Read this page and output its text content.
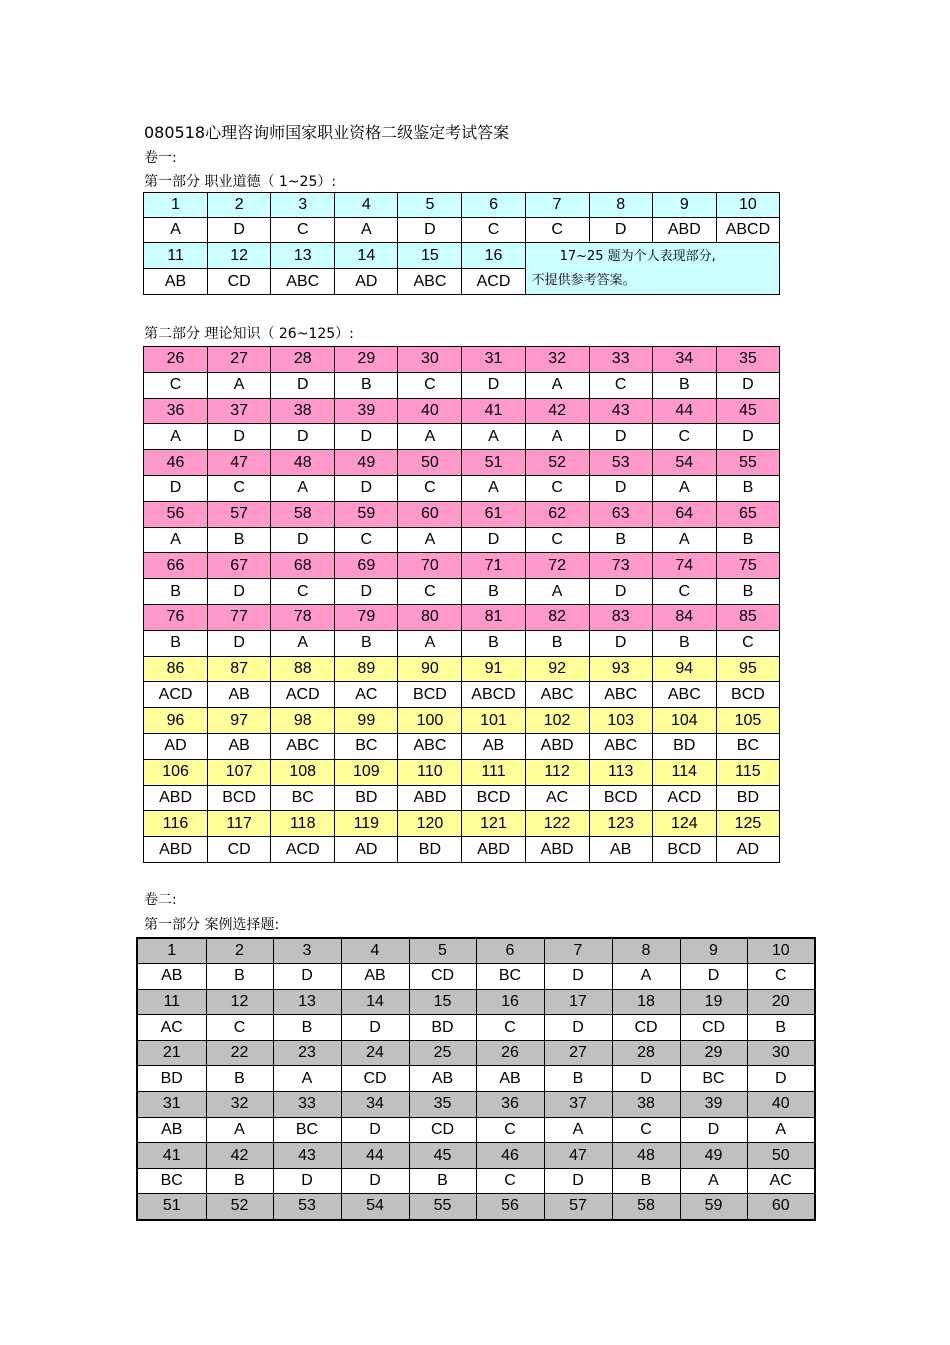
080518心理咨询师国家职业资格二级鉴定考试答案
卷一:
第一部分 职业道德（ 1~25）:
1	2	3	4	5	6	7	8	9	10
A	D	C	A	D	C	C	D	ABD	ABCD
11	12	13	14	15	16	17~25 题为个人表现部分,
不提供参考答案。			

AB	CD	ABC	AD	ABC	ACD				
第二部分 理论知识（ 26~125）:
26	27	28	29	30	31	32	33	34	35
C	A	D	B	C	D	A	C	B	D
36	37	38	39	40	41	42	43	44	45
A	D	D	D	A	A	A	D	C	D
46	47	48	49	50	51	52	53	54	55
D	C	A	D	C	A	C	D	A	B
56	57	58	59	60	61	62	63	64	65
A	B	D	C	A	D	C	B	A	B
66	67	68	69	70	71	72	73	74	75
B	D	C	D	C	B	A	D	C	B
76	77	78	79	80	81	82	83	84	85
B	D	A	B	A	B	B	D	B	C
86	87	88	89	90	91	92	93	94	95
ACD	AB	ACD	AC	BCD	ABCD	ABC	ABC	ABC	BCD
96	97	98	99	100	101	102	103	104	105
AD	AB	ABC	BC	ABC	AB	ABD	ABC	BD	BC
106	107	108	109	110	111	112	113	114	115
ABD	BCD	BC	BD	ABD	BCD	AC	BCD	ACD	BD
116	117	118	119	120	121	122	123	124	125
ABD	CD	ACD	AD	BD	ABD	ABD	AB	BCD	AD
卷二:
第一部分 案例选择题:
1	2	3	4	5	6	7	8	9	10
AB	B	D	AB	CD	BC	D	A	D	C
11	12	13	14	15	16	17	18	19	20
AC	C	B	D	BD	C	D	CD	CD	B
21	22	23	24	25	26	27	28	29	30
BD	B	A	CD	AB	AB	B	D	BC	D
31	32	33	34	35	36	37	38	39	40
AB	A	BC	D	CD	C	A	C	D	A
41	42	43	44	45	46	47	48	49	50
BC	B	D	D	B	C	D	B	A	AC
51	52	53	54	55	56	57	58	59	60
